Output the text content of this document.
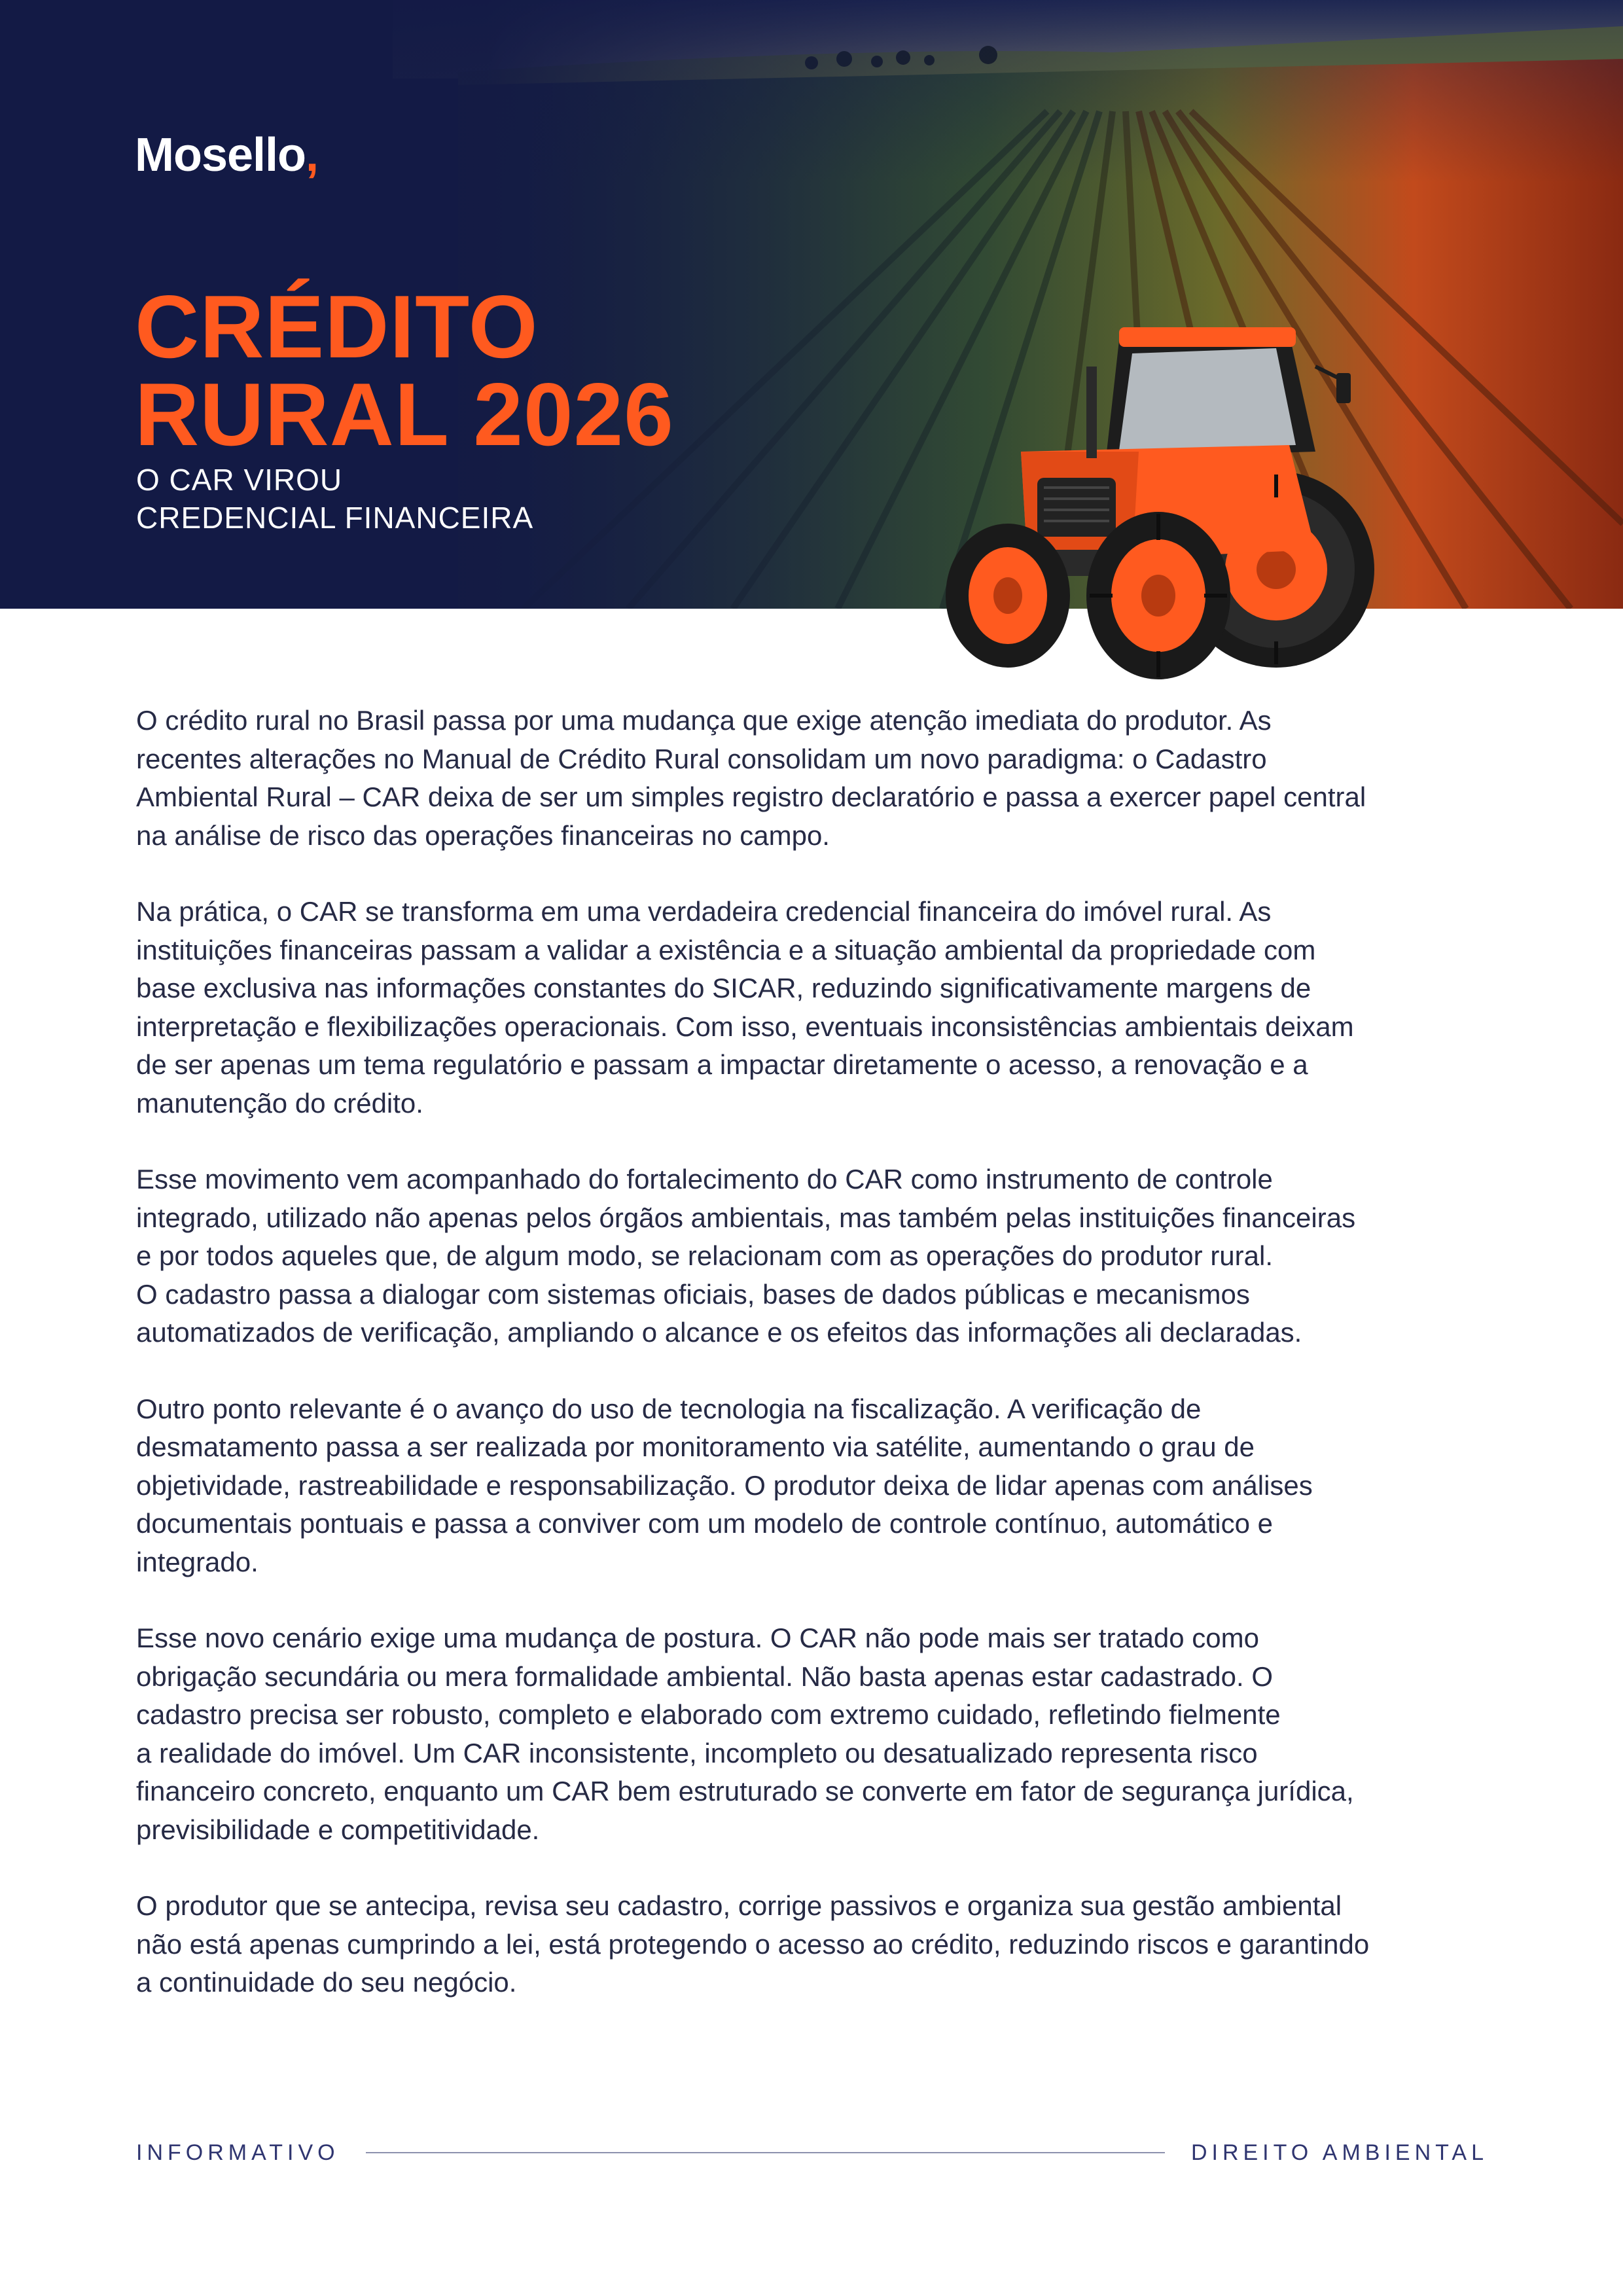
Mosello,
CRÉDITO
RURAL 2026
O CAR VIROU
CREDENCIAL FINANCEIRA

O crédito rural no Brasil passa por uma mudança que exige atenção imediata do produtor. As
recentes alterações no Manual de Crédito Rural consolidam um novo paradigma: o Cadastro
Ambiental Rural – CAR deixa de ser um simples registro declaratório e passa a exercer papel central
na análise de risco das operações financeiras no campo.

Na prática, o CAR se transforma em uma verdadeira credencial financeira do imóvel rural. As
instituições financeiras passam a validar a existência e a situação ambiental da propriedade com
base exclusiva nas informações constantes do SICAR, reduzindo significativamente margens de
interpretação e flexibilizações operacionais. Com isso, eventuais inconsistências ambientais deixam
de ser apenas um tema regulatório e passam a impactar diretamente o acesso, a renovação e a
manutenção do crédito.

Esse movimento vem acompanhado do fortalecimento do CAR como instrumento de controle
integrado, utilizado não apenas pelos órgãos ambientais, mas também pelas instituições financeiras
e por todos aqueles que, de algum modo, se relacionam com as operações do produtor rural.
O cadastro passa a dialogar com sistemas oficiais, bases de dados públicas e mecanismos
automatizados de verificação, ampliando o alcance e os efeitos das informações ali declaradas.

Outro ponto relevante é o avanço do uso de tecnologia na fiscalização. A verificação de
desmatamento passa a ser realizada por monitoramento via satélite, aumentando o grau de
objetividade, rastreabilidade e responsabilização. O produtor deixa de lidar apenas com análises
documentais pontuais e passa a conviver com um modelo de controle contínuo, automático e
integrado.

Esse novo cenário exige uma mudança de postura. O CAR não pode mais ser tratado como
obrigação secundária ou mera formalidade ambiental. Não basta apenas estar cadastrado. O
cadastro precisa ser robusto, completo e elaborado com extremo cuidado, refletindo fielmente
a realidade do imóvel. Um CAR inconsistente, incompleto ou desatualizado representa risco
financeiro concreto, enquanto um CAR bem estruturado se converte em fator de segurança jurídica,
previsibilidade e competitividade.

O produtor que se antecipa, revisa seu cadastro, corrige passivos e organiza sua gestão ambiental
não está apenas cumprindo a lei, está protegendo o acesso ao crédito, reduzindo riscos e garantindo
a continuidade do seu negócio.

INFORMATIVO	DIREITO AMBIENTAL
